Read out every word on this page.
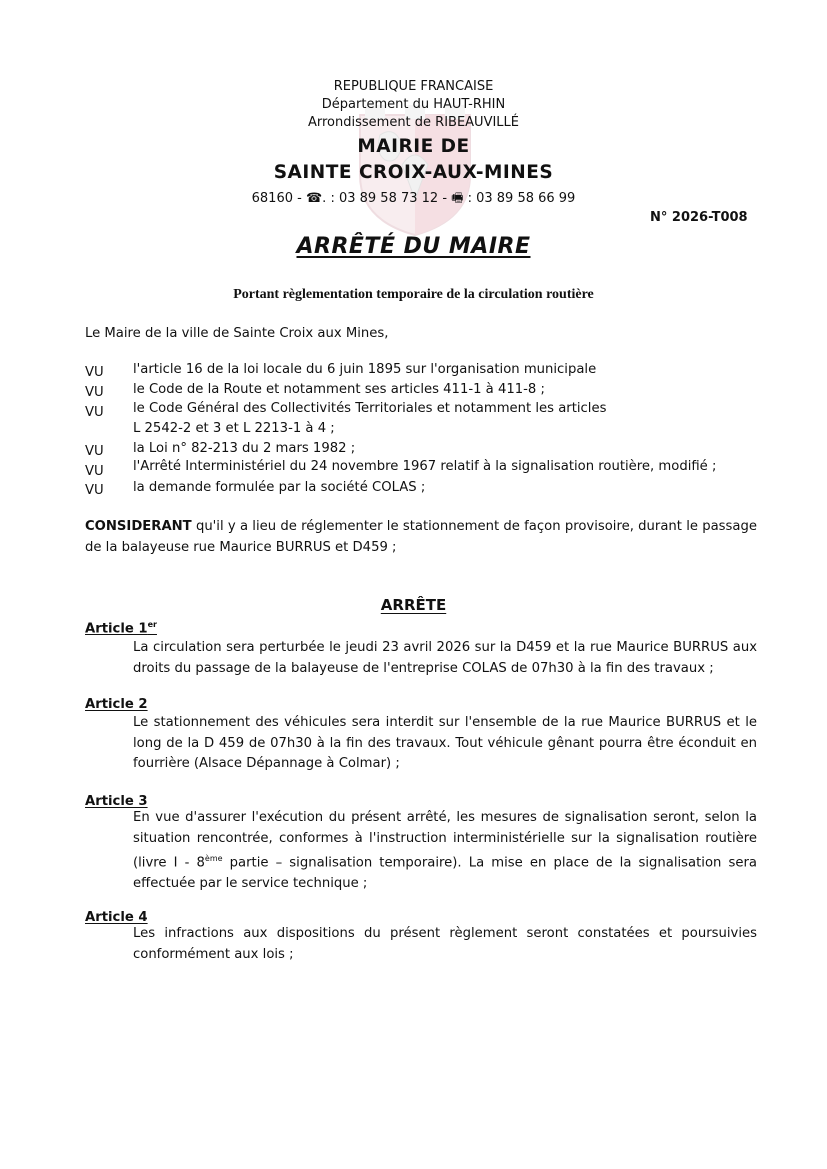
REPUBLIQUE FRANCAISE
Département du HAUT-RHIN
Arrondissement de RIBEAUVILLÉ
MAIRIE DE
SAINTE CROIX-AUX-MINES
68160 - ☎. : 03 89 58 73 12 - 🖷 : 03 89 58 66 99
N° 2026-T008
ARRÊTÉ DU MAIRE
Portant règlementation temporaire de la circulation routière
Le Maire de la ville de Sainte Croix aux Mines,
VU l'article 16 de la loi locale du 6 juin 1895 sur l'organisation municipale
VU le Code de la Route et notamment ses articles 411-1 à 411-8 ;
VU le Code Général des Collectivités Territoriales et notamment les articles
L 2542-2 et 3 et L 2213-1 à 4 ;
VU la Loi n° 82-213 du 2 mars 1982 ;
VU l'Arrêté Interministériel du 24 novembre 1967 relatif à la signalisation routière, modifié ;
VU la demande formulée par la société COLAS ;
CONSIDERANT qu'il y a lieu de réglementer le stationnement de façon provisoire, durant le passage de la balayeuse rue Maurice BURRUS et D459 ;
ARRÊTE
Article 1er
La circulation sera perturbée le jeudi 23 avril 2026 sur la D459 et la rue Maurice BURRUS aux droits du passage de la balayeuse de l'entreprise COLAS de 07h30 à la fin des travaux ;
Article 2
Le stationnement des véhicules sera interdit sur l'ensemble de la rue Maurice BURRUS et le long de la D 459 de 07h30 à la fin des travaux. Tout véhicule gênant pourra être éconduit en fourrière (Alsace Dépannage à Colmar) ;
Article 3
En vue d'assurer l'exécution du présent arrêté, les mesures de signalisation seront, selon la situation rencontrée, conformes à l'instruction interministérielle sur la signalisation routière (livre I - 8ème partie – signalisation temporaire). La mise en place de la signalisation sera effectuée par le service technique ;
Article 4
Les infractions aux dispositions du présent règlement seront constatées et poursuivies conformément aux lois ;
